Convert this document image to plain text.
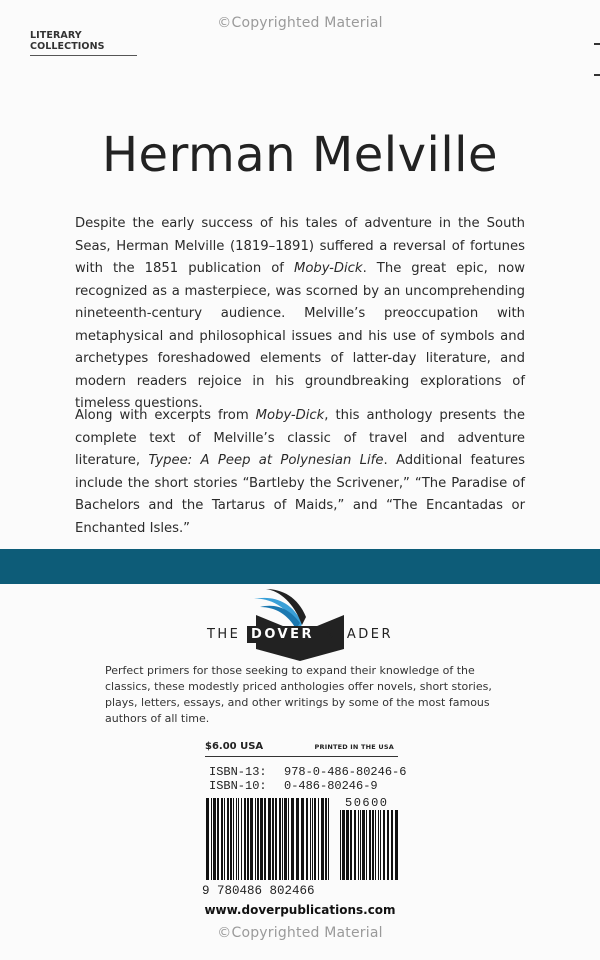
©Copyrighted Material
LITERARY COLLECTIONS
Herman Melville

Despite the early success of his tales of adventure in the South Seas, Herman Melville (1819–1891) suffered a reversal of fortunes with the 1851 publication of Moby-Dick. The great epic, now recognized as a masterpiece, was scorned by an uncomprehending nineteenth-century audience. Melville’s preoccupation with metaphysical and philosophical issues and his use of symbols and archetypes foreshadowed elements of latter-day literature, and modern readers rejoice in his groundbreaking explorations of timeless questions.

Along with excerpts from Moby-Dick, this anthology presents the complete text of Melville’s classic of travel and adventure literature, Typee: A Peep at Polynesian Life. Additional features include the short stories “Bartleby the Scrivener,” “The Paradise of Bachelors and the Tartarus of Maids,” and “The Encantadas or Enchanted Isles.”

THE DOVER READER

Perfect primers for those seeking to expand their knowledge of the classics, these modestly priced anthologies offer novels, short stories, plays, letters, essays, and other writings by some of the most famous authors of all time.

$6.00 USA	PRINTED IN THE USA
ISBN-13: 978-0-486-80246-6
ISBN-10: 0-486-80246-9
50600
9 780486 802466
www.doverpublications.com
©Copyrighted Material
